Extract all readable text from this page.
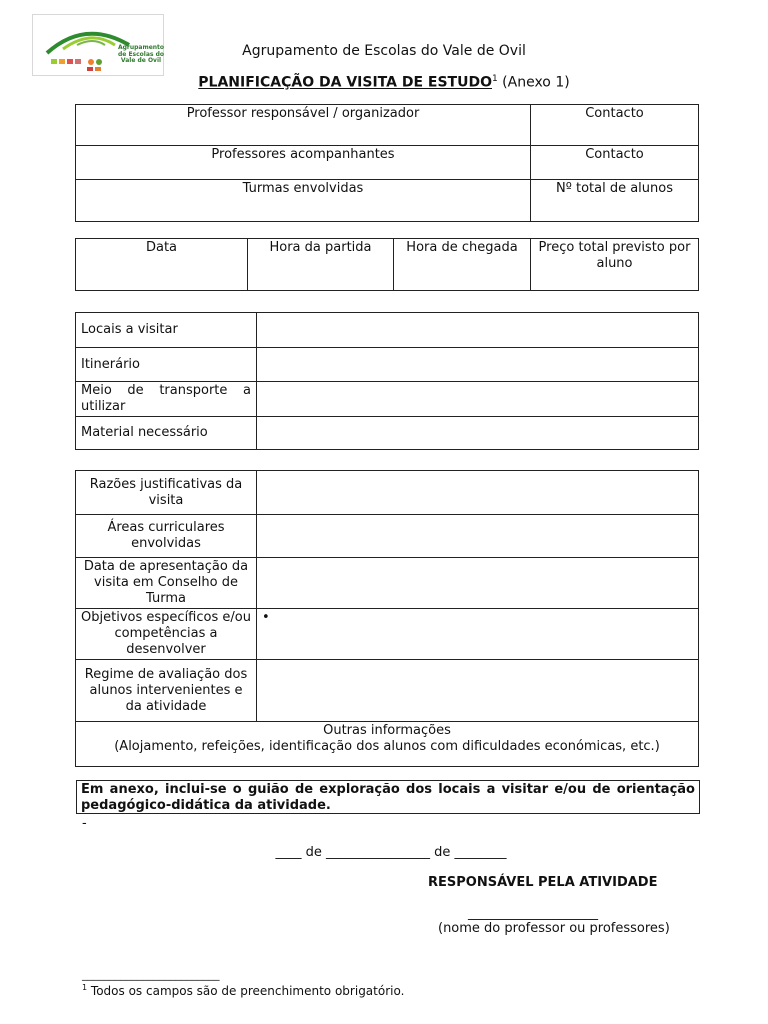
Agrupamento de Escolas do Vale de Ovil
Agrupamento de Escolas do Vale de Ovil
PLANIFICAÇÃO DA VISITA DE ESTUDO$^1$ (Anexo 1)
Professor responsável / organizador	Contacto
Professores acompanhantes	Contacto
Turmas envolvidas	Nº total de alunos
Data	Hora da partida	Hora de chegada	Preço total previsto por aluno
Locais a visitar	
Itinerário	
Meio de transporte a utilizar	
Material necessário	
Razões justificativas da visita	
Áreas curriculares envolvidas	
Data de apresentação da visita em Conselho de Turma	
Objetivos específicos e/ou competências a desenvolver	•
Regime de avaliação dos alunos intervenientes e da atividade	

Outras informações
(Alojamento, refeições, identificação dos alunos com dificuldades económicas, etc.)	
Em anexo, inclui-se o guião de exploração dos locais a visitar e/ou de orientação pedagógico-didática da atividade.
-
____ de ________________ de ________
RESPONSÁVEL PELA ATIVIDADE
____________________
(nome do professor ou professores)
_________________________
$^1$ Todos os campos são de preenchimento obrigatório.
